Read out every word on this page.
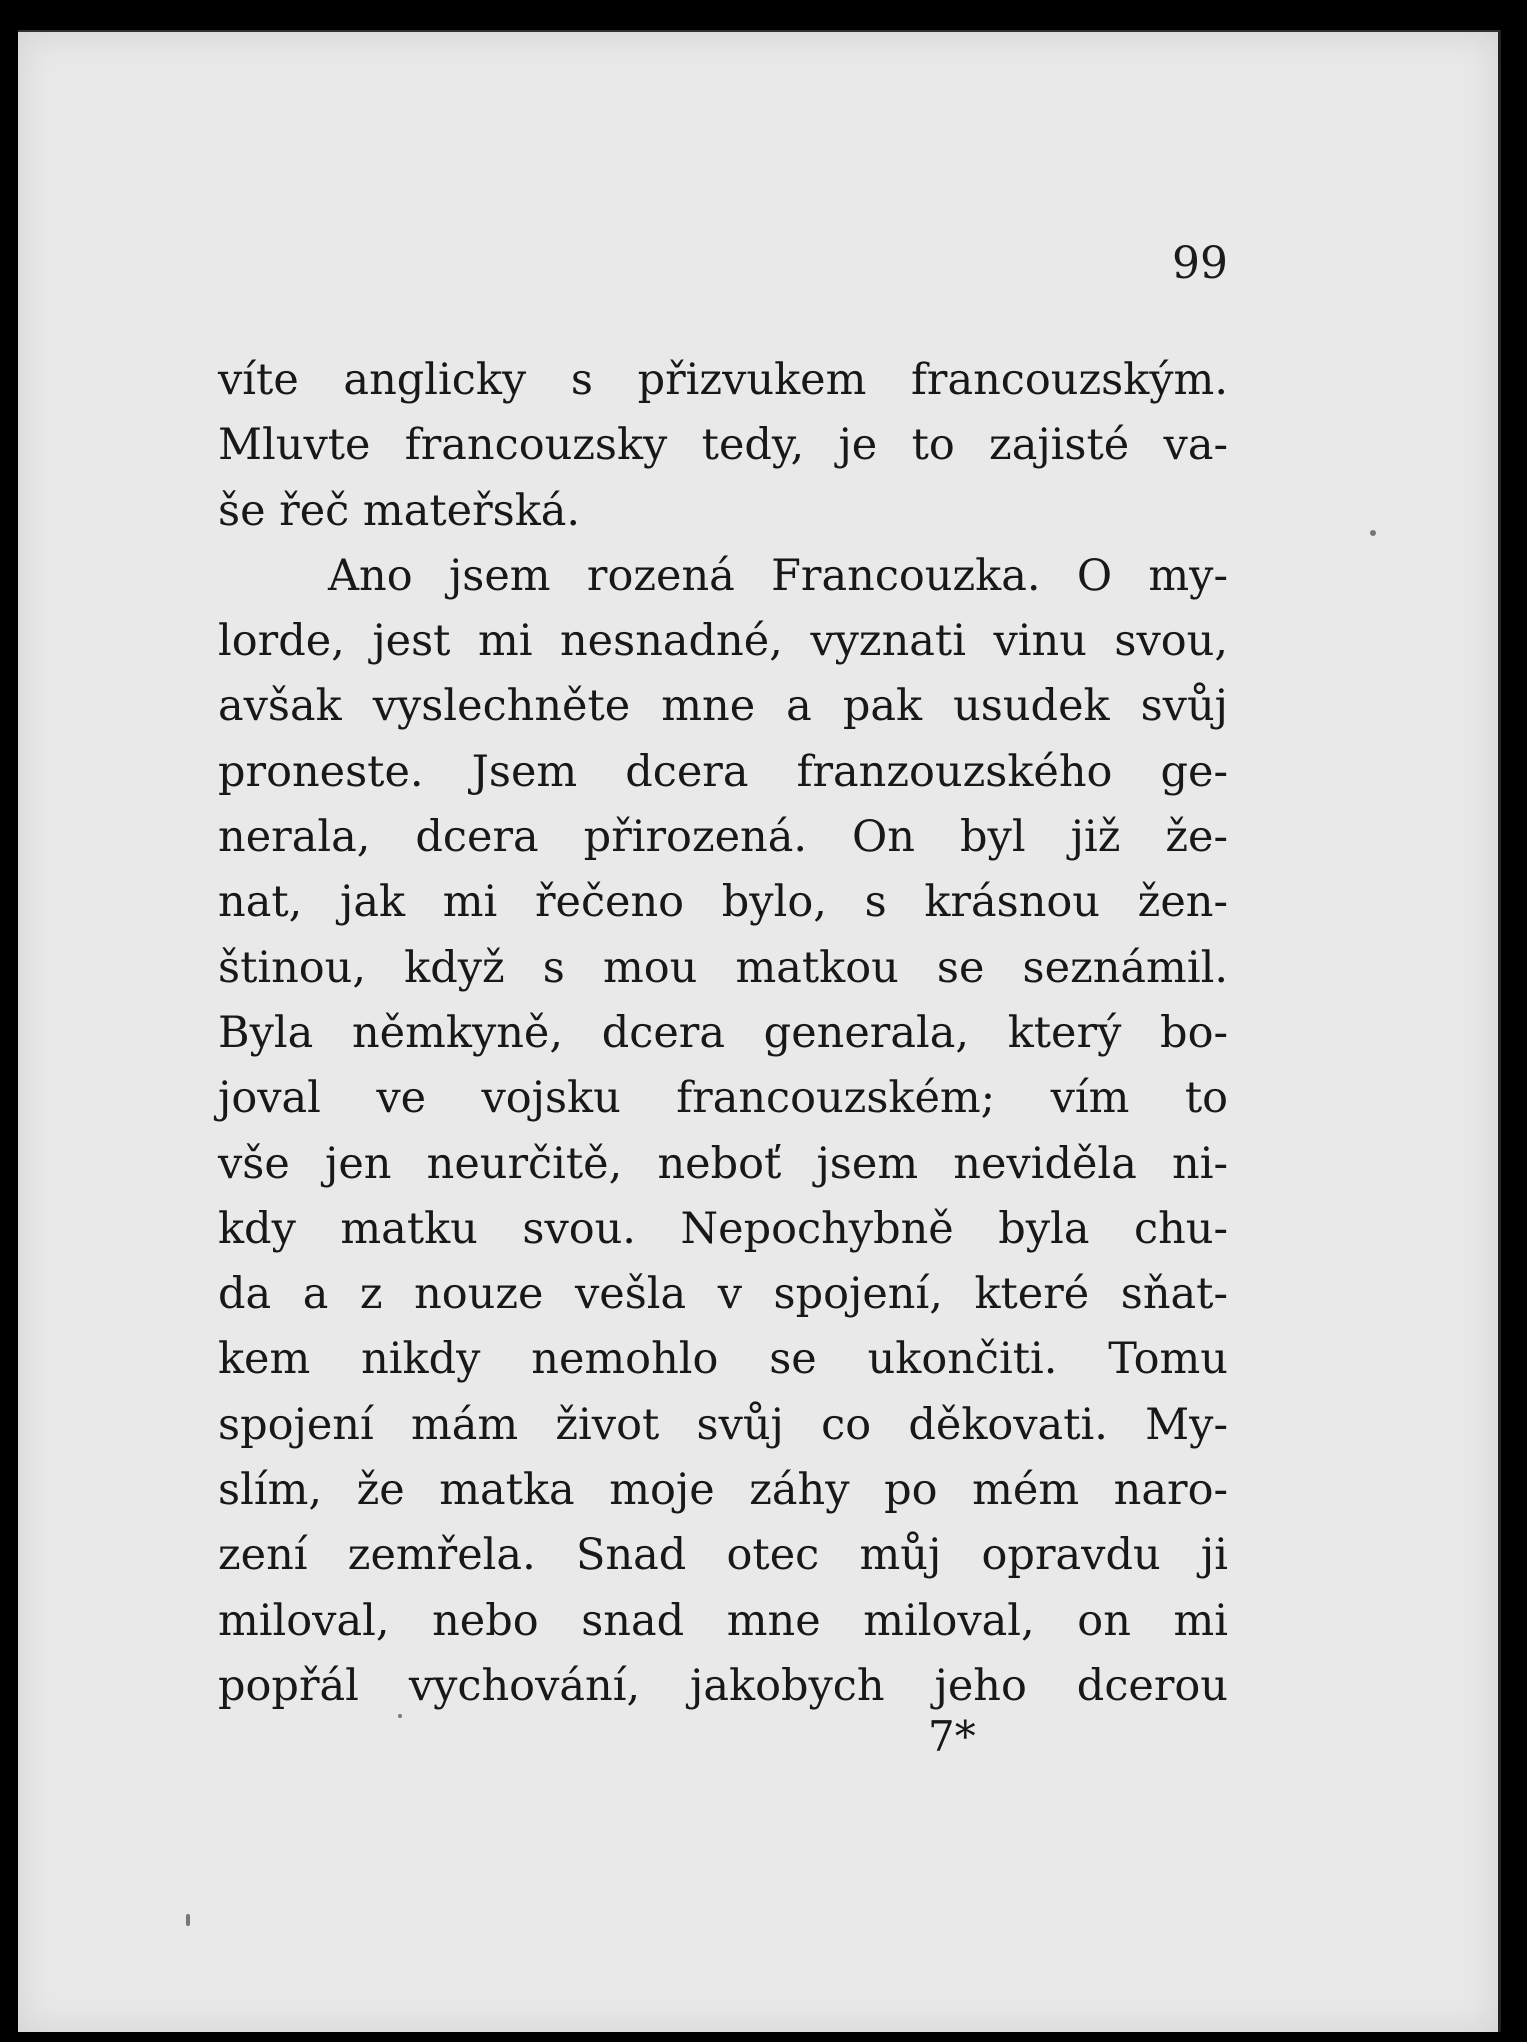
99
víte anglicky s přizvukem francouzským.
Mluvte francouzsky tedy, je to zajisté va-
še řeč mateřská.
Ano jsem rozená Francouzka. O my-
lorde, jest mi nesnadné, vyznati vinu svou,
avšak vyslechněte mne a pak usudek svůj
proneste. Jsem dcera franzouzského ge-
nerala, dcera přirozená. On byl již že-
nat, jak mi řečeno bylo, s krásnou žen-
štinou, když s mou matkou se seznámil.
Byla němkyně, dcera generala, který bo-
joval ve vojsku francouzském; vím to
vše jen neurčitě, neboť jsem neviděla ni-
kdy matku svou. Nepochybně byla chu-
da a z nouze vešla v spojení, které sňat-
kem nikdy nemohlo se ukončiti. Tomu
spojení mám život svůj co děkovati. My-
slím, že matka moje záhy po mém naro-
zení zemřela. Snad otec můj opravdu ji
miloval, nebo snad mne miloval, on mi
popřál vychování, jakobych jeho dcerou
7*
